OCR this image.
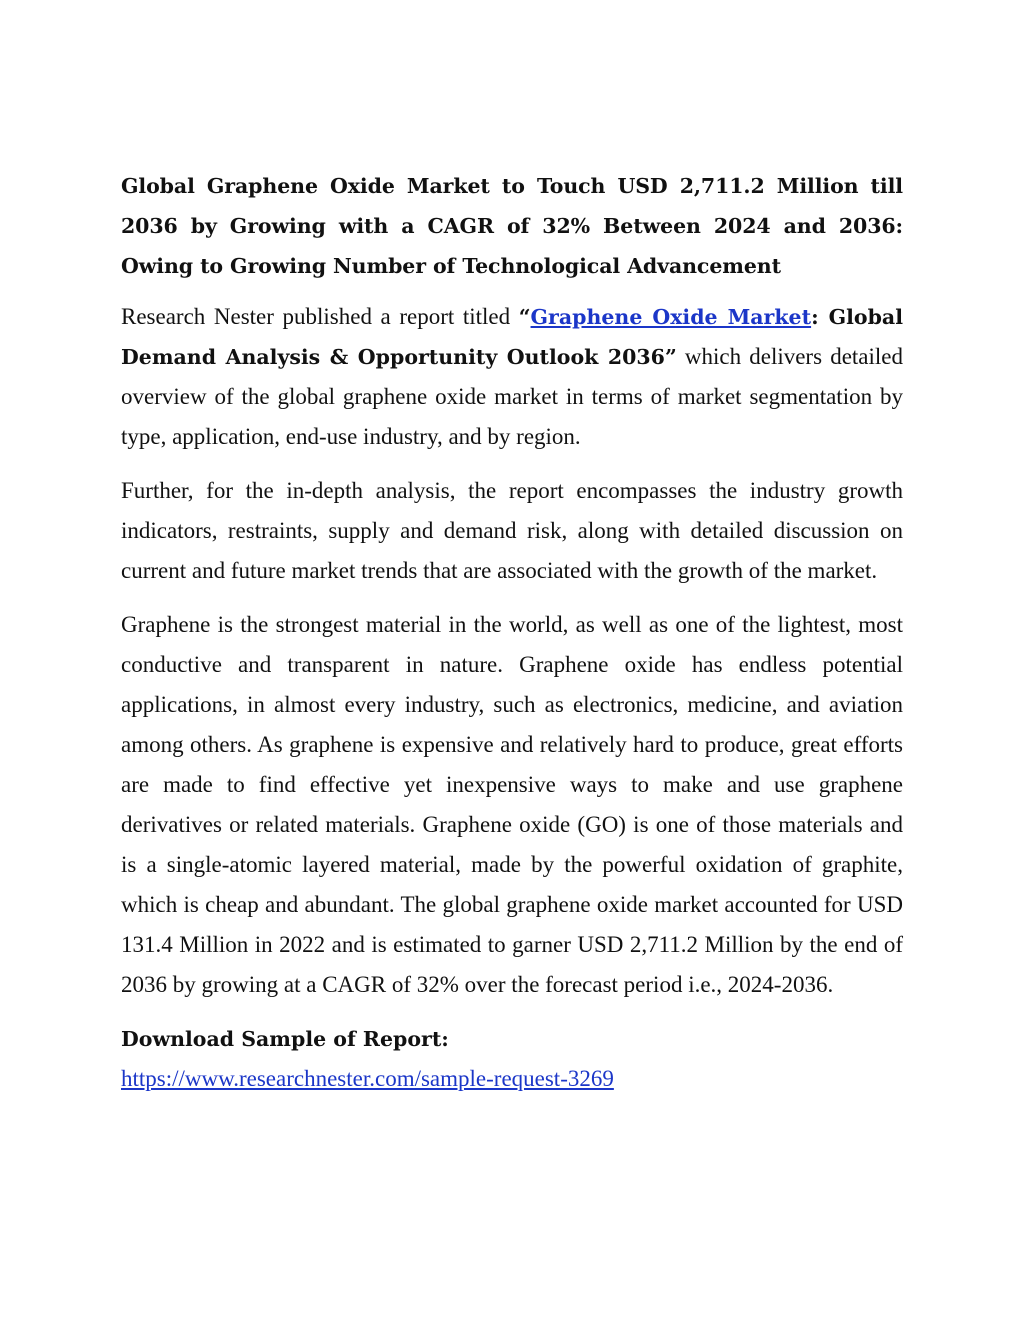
Global Graphene Oxide Market to Touch USD 2,711.2 Million till 2036 by Growing with a CAGR of 32% Between 2024 and 2036: Owing to Growing Number of Technological Advancement

Research Nester published a report titled “Graphene Oxide Market: Global Demand Analysis & Opportunity Outlook 2036” which delivers detailed overview of the global graphene oxide market in terms of market segmentation by type, application, end-use industry, and by region.

Further, for the in-depth analysis, the report encompasses the industry growth indicators, restraints, supply and demand risk, along with detailed discussion on current and future market trends that are associated with the growth of the market.

Graphene is the strongest material in the world, as well as one of the lightest, most conductive and transparent in nature. Graphene oxide has endless potential applications, in almost every industry, such as electronics, medicine, and aviation among others. As graphene is expensive and relatively hard to produce, great efforts are made to find effective yet inexpensive ways to make and use graphene derivatives or related materials. Graphene oxide (GO) is one of those materials and is a single-atomic layered material, made by the powerful oxidation of graphite, which is cheap and abundant. The global graphene oxide market accounted for USD 131.4 Million in 2022 and is estimated to garner USD 2,711.2 Million by the end of 2036 by growing at a CAGR of 32% over the forecast period i.e., 2024-2036.

Download Sample of Report:
https://www.researchnester.com/sample-request-3269
